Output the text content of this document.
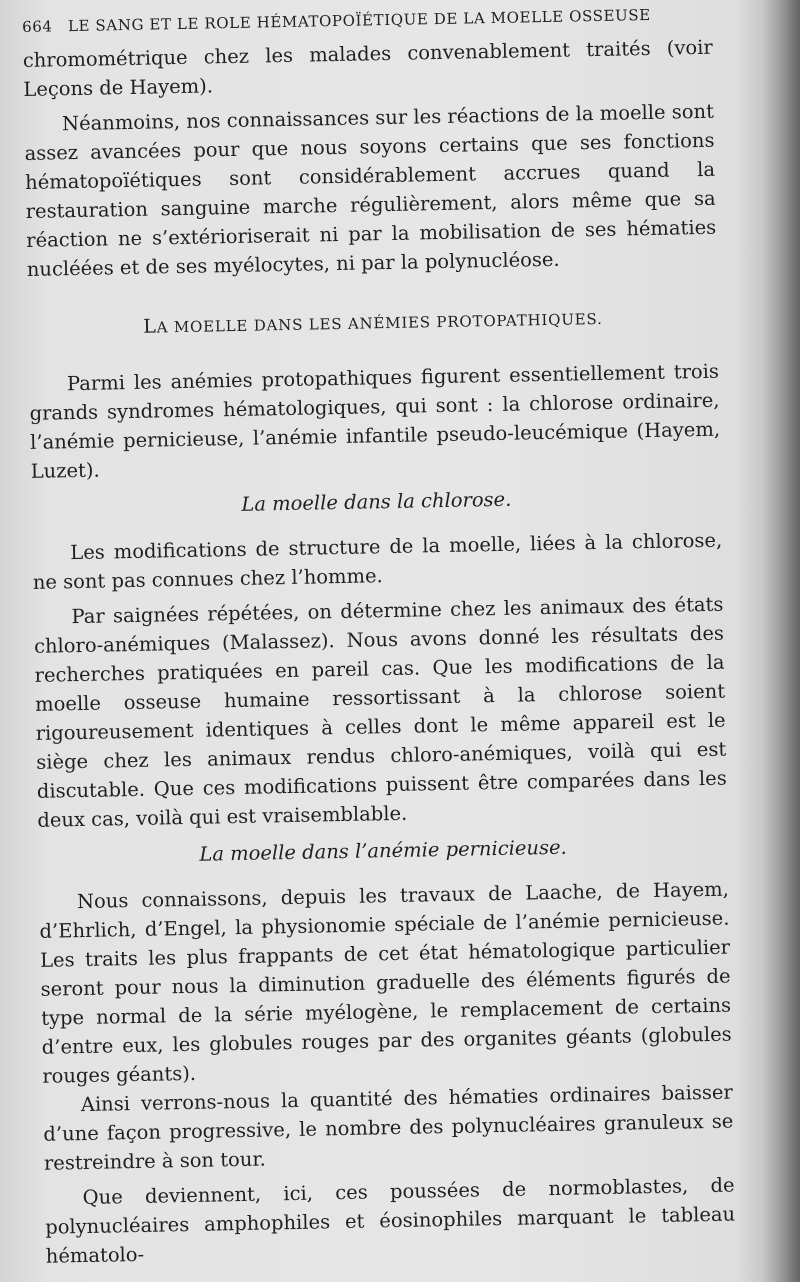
664 LE SANG ET LE ROLE HÉMATOPOÏÉTIQUE DE LA MOELLE OSSEUSE

chromométrique chez les malades convenablement traités (voir Leçons de Hayem).

Néanmoins, nos connaissances sur les réactions de la moelle sont assez avancées pour que nous soyons certains que ses fonctions hématopoïétiques sont considérablement accrues quand la restauration sanguine marche régulièrement, alors même que sa réaction ne s’extérioriserait ni par la mobilisation de ses hématies nucléées et de ses myélocytes, ni par la polynucléose.

LA MOELLE DANS LES ANÉMIES PROTOPATHIQUES.

Parmi les anémies protopathiques figurent essentiellement trois grands syndromes hématologiques, qui sont : la chlorose ordinaire, l’anémie pernicieuse, l’anémie infantile pseudo-leucémique (Hayem, Luzet).

La moelle dans la chlorose.

Les modifications de structure de la moelle, liées à la chlorose, ne sont pas connues chez l’homme.

Par saignées répétées, on détermine chez les animaux des états chloro-anémiques (Malassez). Nous avons donné les résultats des recherches pratiquées en pareil cas. Que les modifications de la moelle osseuse humaine ressortissant à la chlorose soient rigoureusement identiques à celles dont le même appareil est le siège chez les animaux rendus chloro-anémiques, voilà qui est discutable. Que ces modifications puissent être comparées dans les deux cas, voilà qui est vraisemblable.

La moelle dans l’anémie pernicieuse.

Nous connaissons, depuis les travaux de Laache, de Hayem, d’Ehrlich, d’Engel, la physionomie spéciale de l’anémie pernicieuse. Les traits les plus frappants de cet état hématologique particulier seront pour nous la diminution graduelle des éléments figurés de type normal de la série myélogène, le remplacement de certains d’entre eux, les globules rouges par des organites géants (globules rouges géants).

Ainsi verrons-nous la quantité des hématies ordinaires baisser d’une façon progressive, le nombre des polynucléaires granuleux se restreindre à son tour.

Que deviennent, ici, ces poussées de normoblastes, de polynucléaires amphophiles et éosinophiles marquant le tableau hématolo-
